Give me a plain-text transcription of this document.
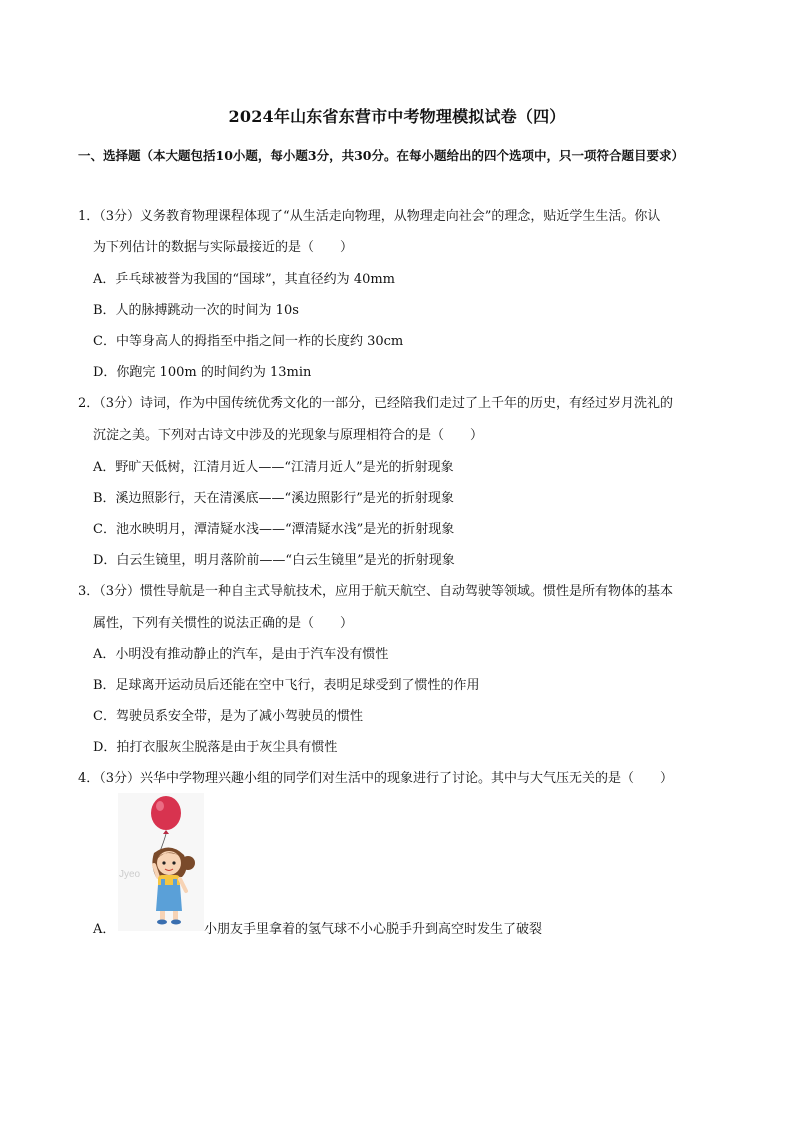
2024年山东省东营市中考物理模拟试卷（四）
一、选择题（本大题包括10小题，每小题3分，共30分。在每小题给出的四个选项中，只一项符合题目要求）
1．（3分）义务教育物理课程体现了“从生活走向物理，从物理走向社会”的理念，贴近学生生活。你认
为下列估计的数据与实际最接近的是（　　）
A．乒乓球被誉为我国的“国球”，其直径约为 40mm
B．人的脉搏跳动一次的时间为 10s
C．中等身高人的拇指至中指之间一柞的长度约 30cm
D．你跑完 100m 的时间约为 13min
2．（3分）诗词，作为中国传统优秀文化的一部分，已经陪我们走过了上千年的历史，有经过岁月洗礼的
沉淀之美。下列对古诗文中涉及的光现象与原理相符合的是（　　）
A．野旷天低树，江清月近人——“江清月近人”是光的折射现象
B．溪边照影行，天在清溪底——“溪边照影行”是光的折射现象
C．池水映明月，潭清疑水浅——“潭清疑水浅”是光的折射现象
D．白云生镜里，明月落阶前——“白云生镜里”是光的折射现象
3．（3分）惯性导航是一种自主式导航技术，应用于航天航空、自动驾驶等领域。惯性是所有物体的基本
属性，下列有关惯性的说法正确的是（　　）
A．小明没有推动静止的汽车，是由于汽车没有惯性
B．足球离开运动员后还能在空中飞行，表明足球受到了惯性的作用
C．驾驶员系安全带，是为了减小驾驶员的惯性
D．拍打衣服灰尘脱落是由于灰尘具有惯性
4．（3分）兴华中学物理兴趣小组的同学们对生活中的现象进行了讨论。其中与大气压无关的是（　　）
Jyeo
A．	小朋友手里拿着的氢气球不小心脱手升到高空时发生了破裂
